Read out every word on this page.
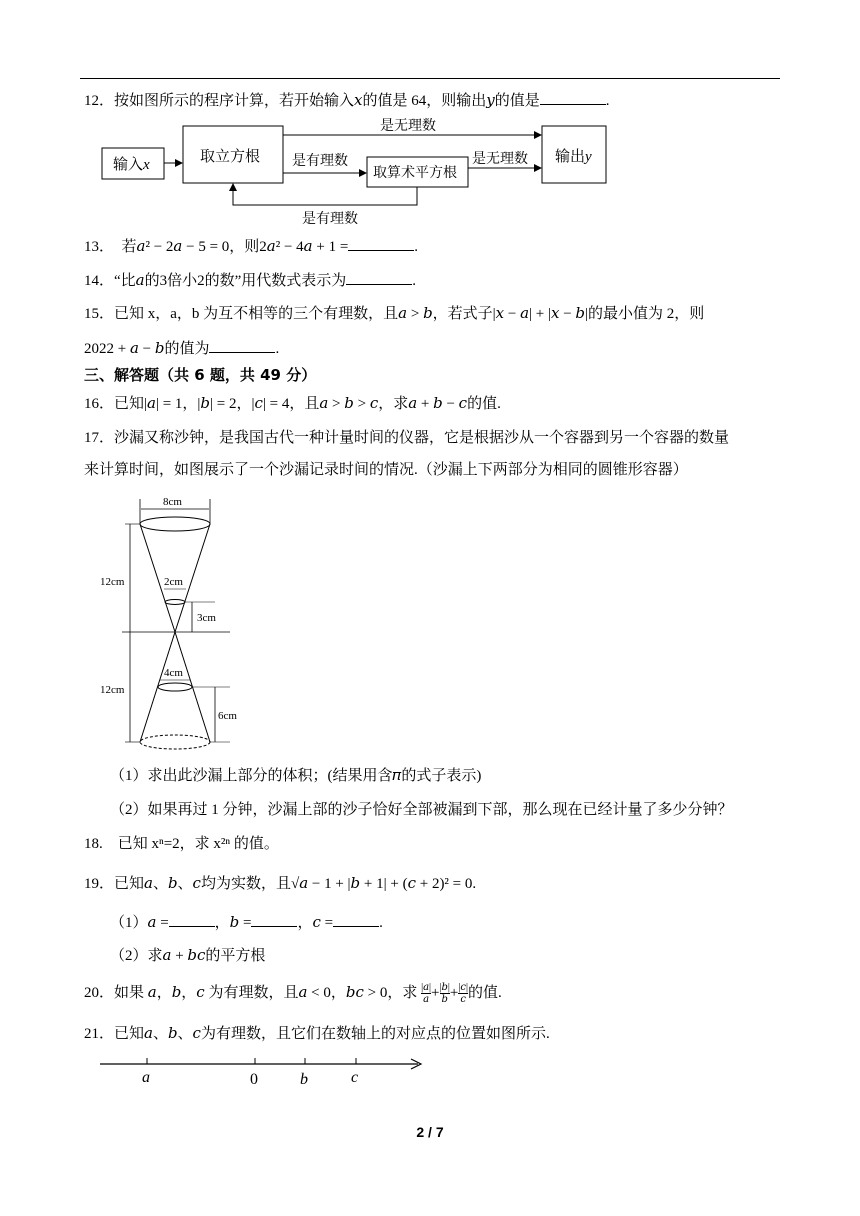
12．按如图所示的程序计算，若开始输入x的值是 64，则输出y的值是	.
输入x	取立方根
是无理数
是有理数
取算术平方根
是无理数 输出y
是有理数
13． 若𝑎² − 2𝑎 − 5 = 0，则2𝑎² − 4𝑎 + 1 =	.
14．“比𝑎的3倍小2的数”用代数式表示为	.
15．已知 x，a，b 为互不相等的三个有理数，且𝑎 > 𝑏，若式子|𝑥 − 𝑎| + |𝑥 − 𝑏|的最小值为 2，则
2022 + 𝑎 − 𝑏的值为	.
三、解答题（共 6 题，共 49 分）
16．已知|𝑎| = 1，|𝑏| = 2，|𝑐| = 4，且𝑎 > 𝑏 > 𝑐，求𝑎 + 𝑏 − 𝑐的值.
17．沙漏又称沙钟，是我国古代一种计量时间的仪器，它是根据沙从一个容器到另一个容器的数量
来计算时间，如图展示了一个沙漏记录时间的情况.（沙漏上下两部分为相同的圆锥形容器）
8cm
2cm
12cm
3cm
4cm
12cm
6cm
（1）求出此沙漏上部分的体积；(结果用含𝜋的式子表示)
（2）如果再过 1 分钟，沙漏上部的沙子恰好全部被漏到下部，那么现在已经计量了多少分钟？
18. 已知 xⁿ=2，求 x²ⁿ 的值。
19．已知𝑎、𝑏、𝑐均为实数，且√𝑎 − 1 + |𝑏 + 1| + (𝑐 + 2)² = 0.
（1）𝑎 =	，𝑏 =	，𝑐 =	.
（2）求𝑎 + 𝑏𝑐的平方根
20．如果 𝑎，𝑏，𝑐 为有理数，且𝑎 < 0，𝑏𝑐 > 0，求 $\frac{\text{|𝑎|}}{\text{𝑎}} + \frac{\text{|𝑏|}}{\text{𝑏}} + \frac{\text{|𝑐|}}{\text{𝑐}}$ 的值.
21．已知𝑎、𝑏、𝑐为有理数，且它们在数轴上的对应点的位置如图所示.
a	0	b	c
2 / 7
